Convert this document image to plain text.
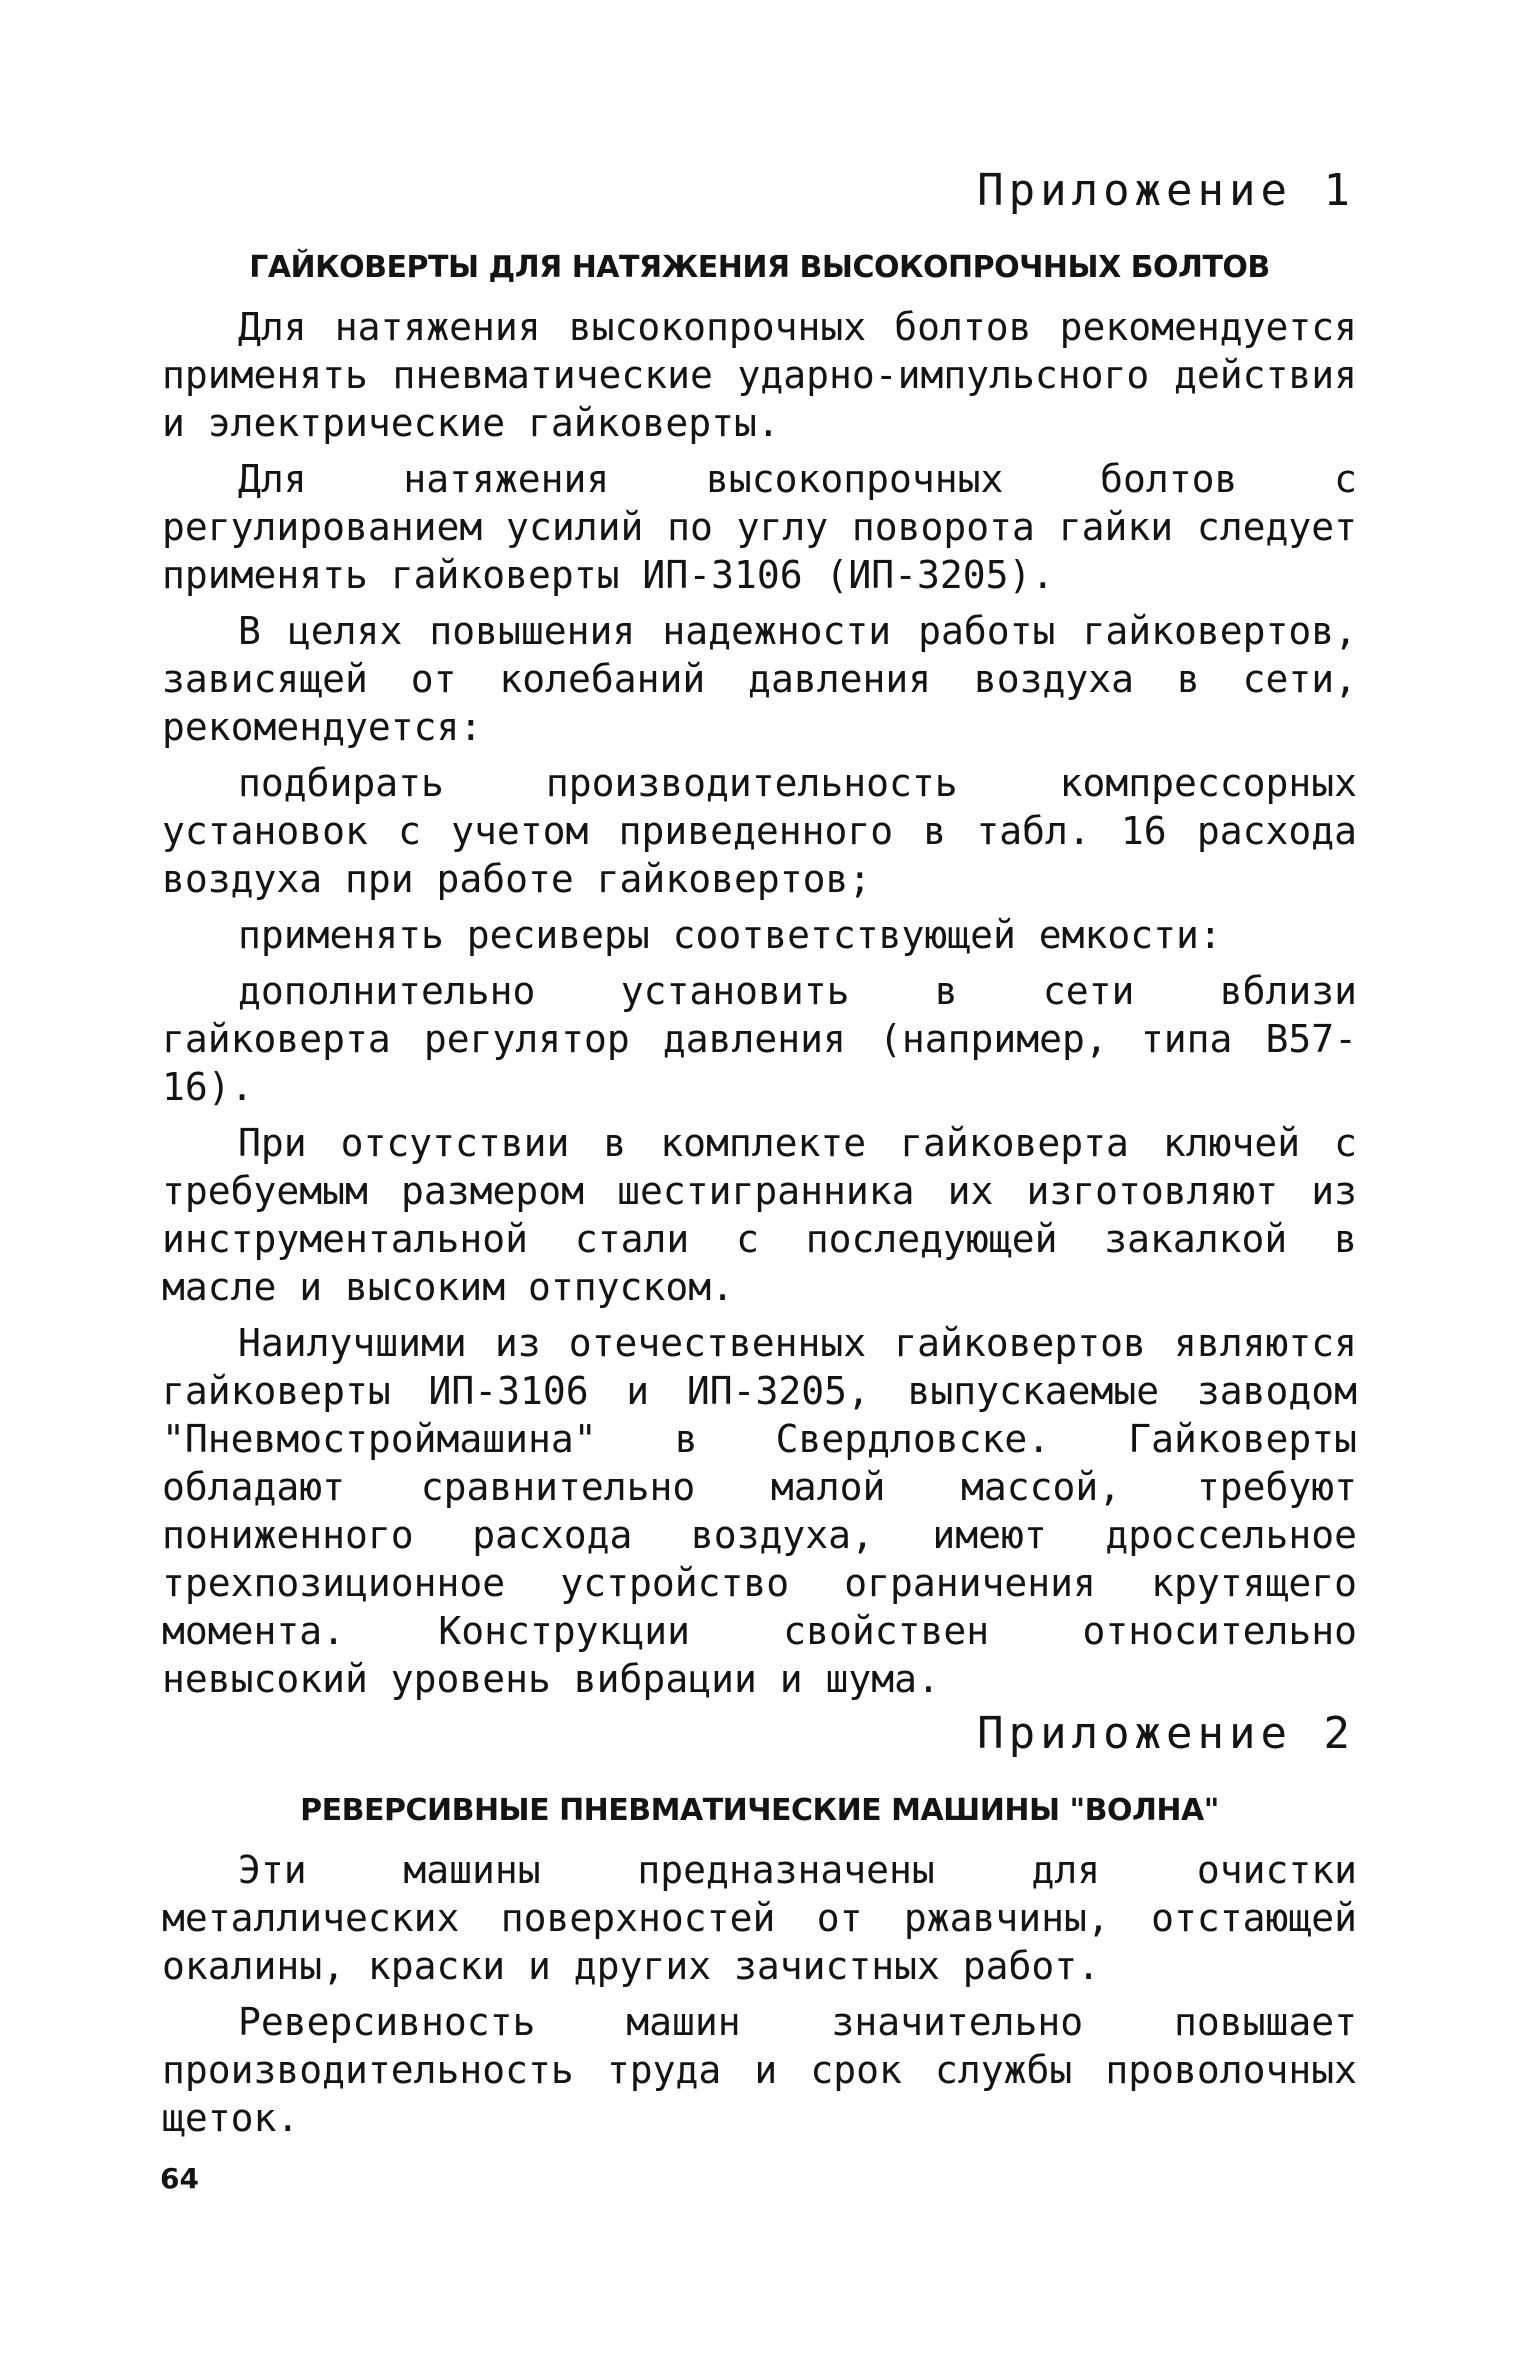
Приложение 1
ГАЙКОВЕРТЫ ДЛЯ НАТЯЖЕНИЯ ВЫСОКОПРОЧНЫХ БОЛТОВ

Для натяжения высокопрочных болтов рекомендуется применять пневматические ударно-импульсного действия и электрические гайковерты.

Для натяжения высокопрочных болтов с регулированием усилий по углу поворота гайки следует применять гайковерты ИП-3106 (ИП-3205).

В целях повышения надежности работы гайковертов, зависящей от колебаний давления воздуха в сети, рекомендуется:

подбирать производительность компрессорных установок с учетом приведенного в табл. 16 расхода воздуха при работе гайковертов;

применять ресиверы соответствующей емкости:

дополнительно установить в сети вблизи гайковерта регулятор давления (например, типа В57-16).

При отсутствии в комплекте гайковерта ключей с требуемым размером шестигранника их изготовляют из инструментальной стали с последующей закалкой в масле и высоким отпуском.

Наилучшими из отечественных гайковертов являются гайковерты ИП-3106 и ИП-3205, выпускаемые заводом "Пневмостроймашина" в Свердловске. Гайковерты обладают сравнительно малой массой, требуют пониженного расхода воздуха, имеют дроссельное трехпозиционное устройство ограничения крутящего момента. Конструкции свойствен относительно невысокий уровень вибрации и шума.

Приложение 2
РЕВЕРСИВНЫЕ ПНЕВМАТИЧЕСКИЕ МАШИНЫ "ВОЛНА"

Эти машины предназначены для очистки металлических поверхностей от ржавчины, отстающей окалины, краски и других зачистных работ.

Реверсивность машин значительно повышает производительность труда и срок службы проволочных щеток.

64
